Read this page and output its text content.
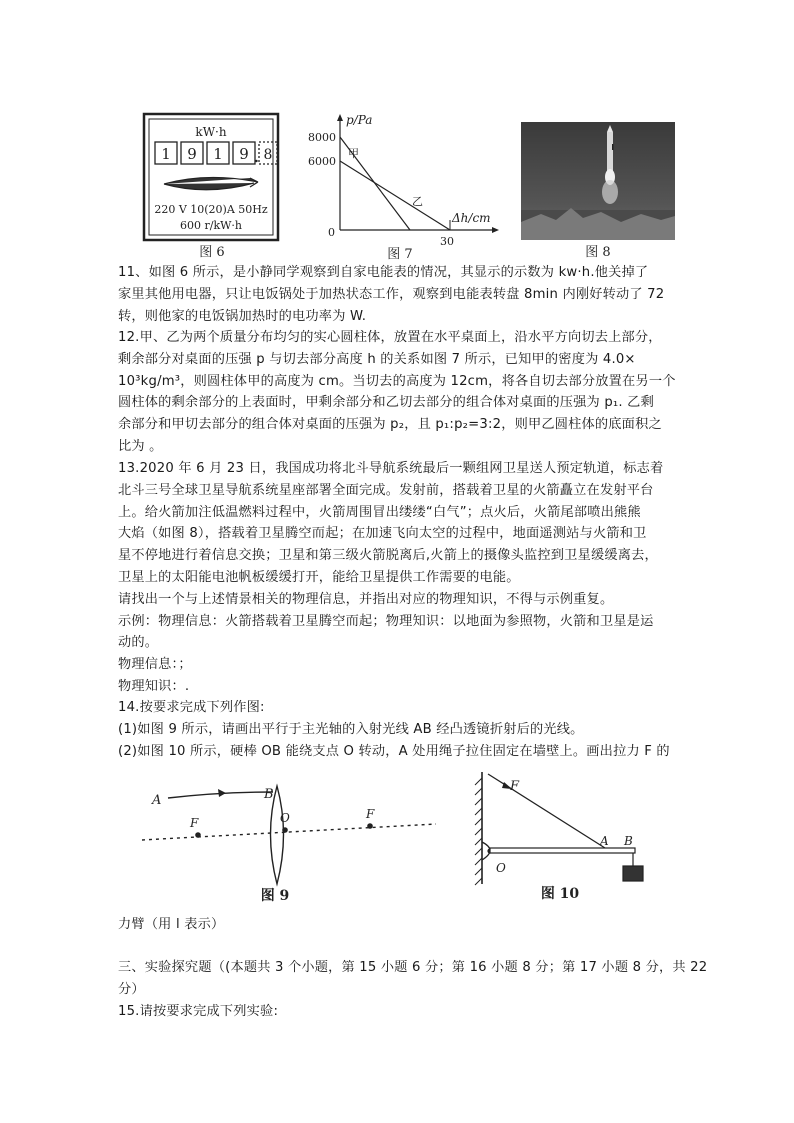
kW·h
1 9 1 9 8
220 V 10(20)A 50Hz
600 r/kW·h
图 6
p/Pa
Δh/cm
8000
6000
0
30
甲
乙
图 7	图 8
11、如图 6 所示，是小静同学观察到自家电能表的情况，其显示的示数为 kw·h.他关掉了
家里其他用电器，只让电饭锅处于加热状态工作，观察到电能表转盘 8min 内刚好转动了 72
转，则他家的电饭锅加热时的电功率为 W.
12.甲、乙为两个质量分布均匀的实心圆柱体，放置在水平桌面上，沿水平方向切去上部分，
剩余部分对桌面的压强 p 与切去部分高度 h 的关系如图 7 所示，已知甲的密度为 4.0×
10³kg/m³，则圆柱体甲的高度为 cm。当切去的高度为 12cm，将各自切去部分放置在另一个
圆柱体的剩余部分的上表面时，甲剩余部分和乙切去部分的组合体对桌面的压强为 p₁. 乙剩
余部分和甲切去部分的组合体对桌面的压强为 p₂，且 p₁:p₂=3:2，则甲乙圆柱体的底面积之
比为 。
13.2020 年 6 月 23 日，我国成功将北斗导航系统最后一颗组网卫星送人预定轨道，标志着
北斗三号全球卫星导航系统星座部署全面完成。发射前，搭载着卫星的火箭矗立在发射平台
上。给火箭加注低温燃料过程中，火箭周围冒出缕缕“白气”；点火后，火箭尾部喷出熊熊
大焰（如图 8），搭载着卫星腾空而起；在加速飞向太空的过程中，地面遥测站与火箭和卫
星不停地进行着信息交换；卫星和第三级火箭脱离后,火箭上的摄像头监控到卫星缓缓离去，
卫星上的太阳能电池帆板缓缓打开，能给卫星提供工作需要的电能。
请找出一个与上述情景相关的物理信息，并指出对应的物理知识，不得与示例重复。
示例：物理信息：火箭搭载着卫星腾空而起；物理知识：以地面为参照物，火箭和卫星是运
动的。
物理信息：；
物理知识：.
14.按要求完成下列作图:
(1)如图 9 所示，请画出平行于主光轴的入射光线 AB 经凸透镜折射后的光线。
(2)如图 10 所示，硬棒 OB 能绕支点 O 转动，A 处用绳子拉住固定在墙壁上。画出拉力 F 的
A	B
O
F
F
图 9
F
A B
O
图 10
力臂（用 l 表示）
三、实验探究题（(本题共 3 个小题，第 15 小题 6 分；第 16 小题 8 分；第 17 小题 8 分，共 22
分）
15.请按要求完成下列实验:
